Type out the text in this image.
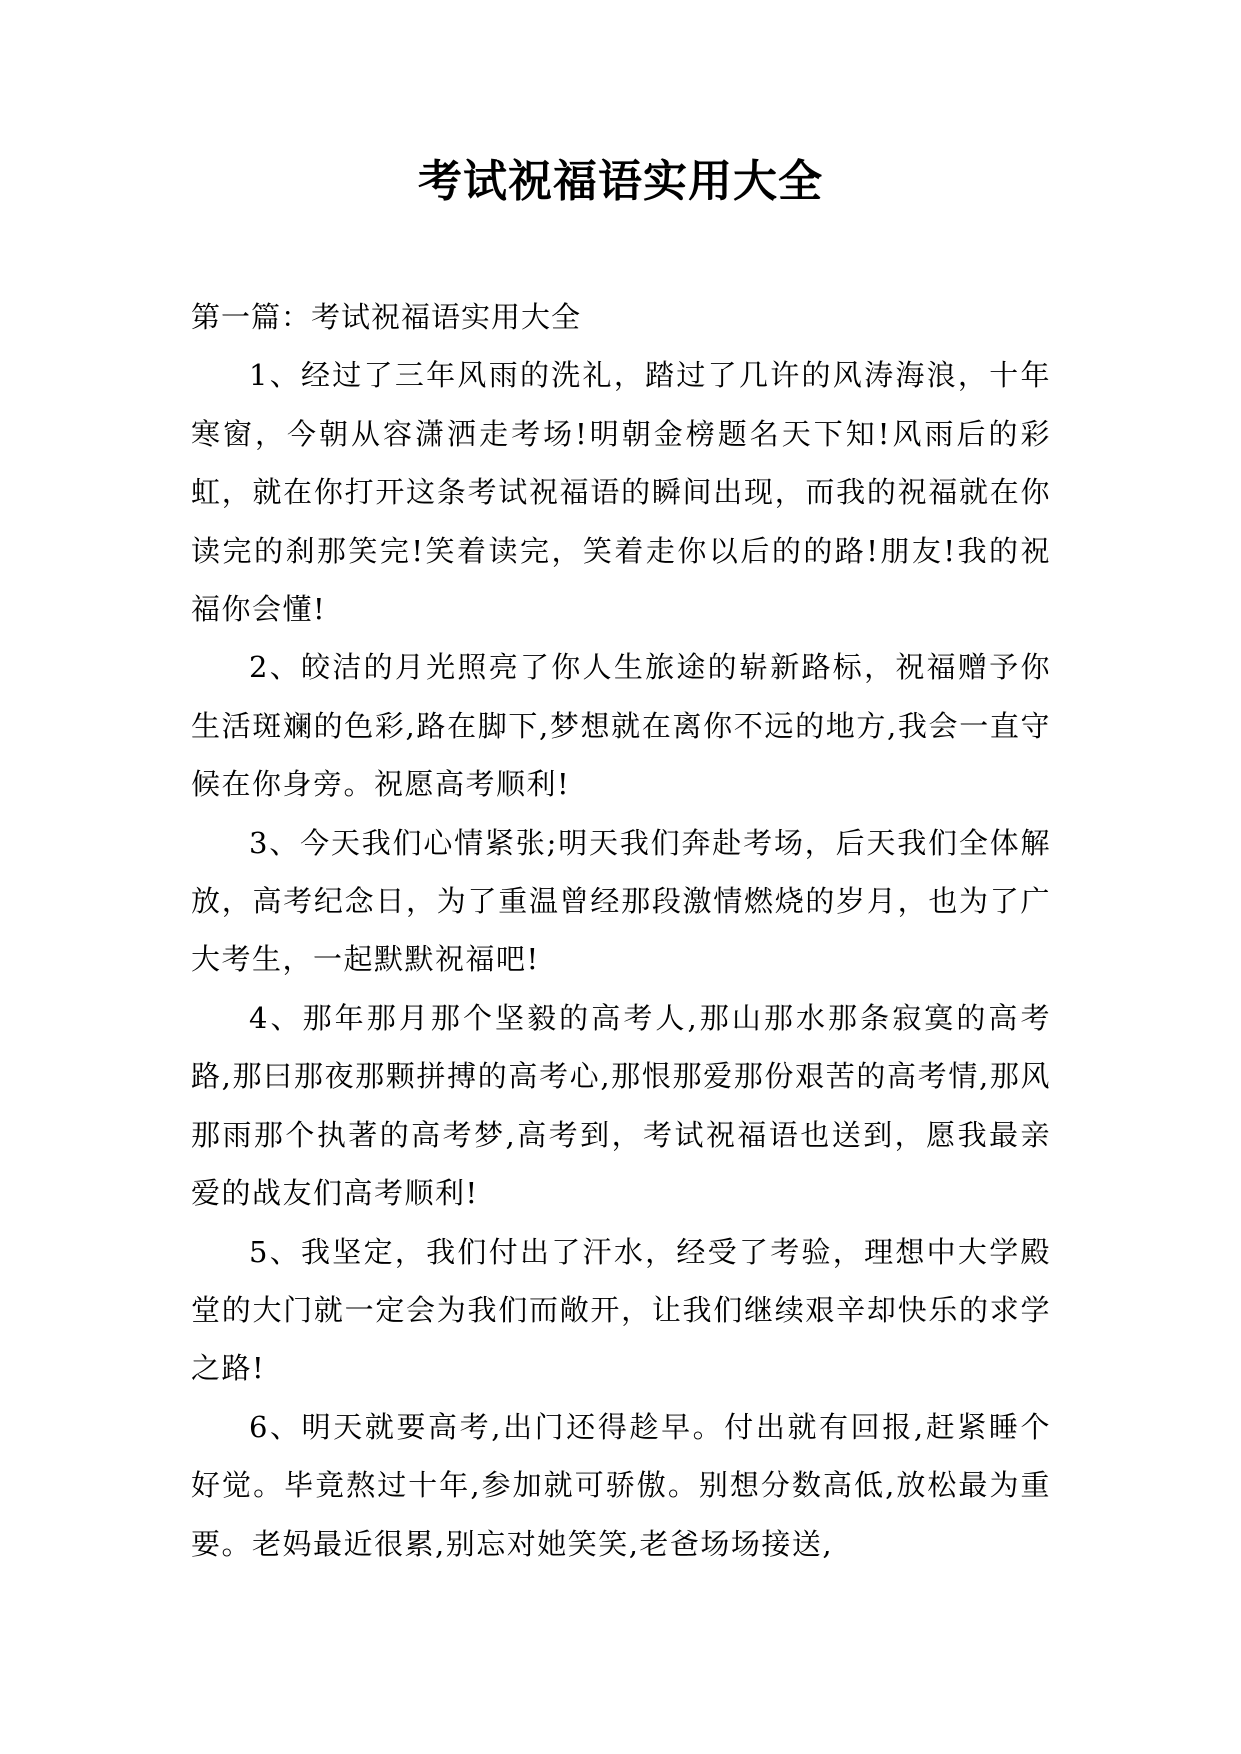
考试祝福语实用大全
第一篇：考试祝福语实用大全

1、经过了三年风雨的洗礼，踏过了几许的风涛海浪，十年寒窗，今朝从容潇洒走考场!明朝金榜题名天下知!风雨后的彩虹，就在你打开这条考试祝福语的瞬间出现，而我的祝福就在你读完的刹那笑完!笑着读完，笑着走你以后的的路!朋友!我的祝福你会懂!

2、皎洁的月光照亮了你人生旅途的崭新路标，祝福赠予你生活斑斓的色彩,路在脚下,梦想就在离你不远的地方,我会一直守候在你身旁。祝愿高考顺利!

3、今天我们心情紧张;明天我们奔赴考场，后天我们全体解放，高考纪念日，为了重温曾经那段激情燃烧的岁月，也为了广大考生，一起默默祝福吧!

4、那年那月那个坚毅的高考人,那山那水那条寂寞的高考路,那曰那夜那颗拼搏的高考心,那恨那爱那份艰苦的高考情,那风那雨那个执著的高考梦,高考到，考试祝福语也送到，愿我最亲爱的战友们高考顺利!

5、我坚定，我们付出了汗水，经受了考验，理想中大学殿堂的大门就一定会为我们而敞开，让我们继续艰辛却快乐的求学之路!

6、明天就要高考,出门还得趁早。付出就有回报,赶紧睡个好觉。毕竟熬过十年,参加就可骄傲。别想分数高低,放松最为重要。老妈最近很累,别忘对她笑笑,老爸场场接送,
